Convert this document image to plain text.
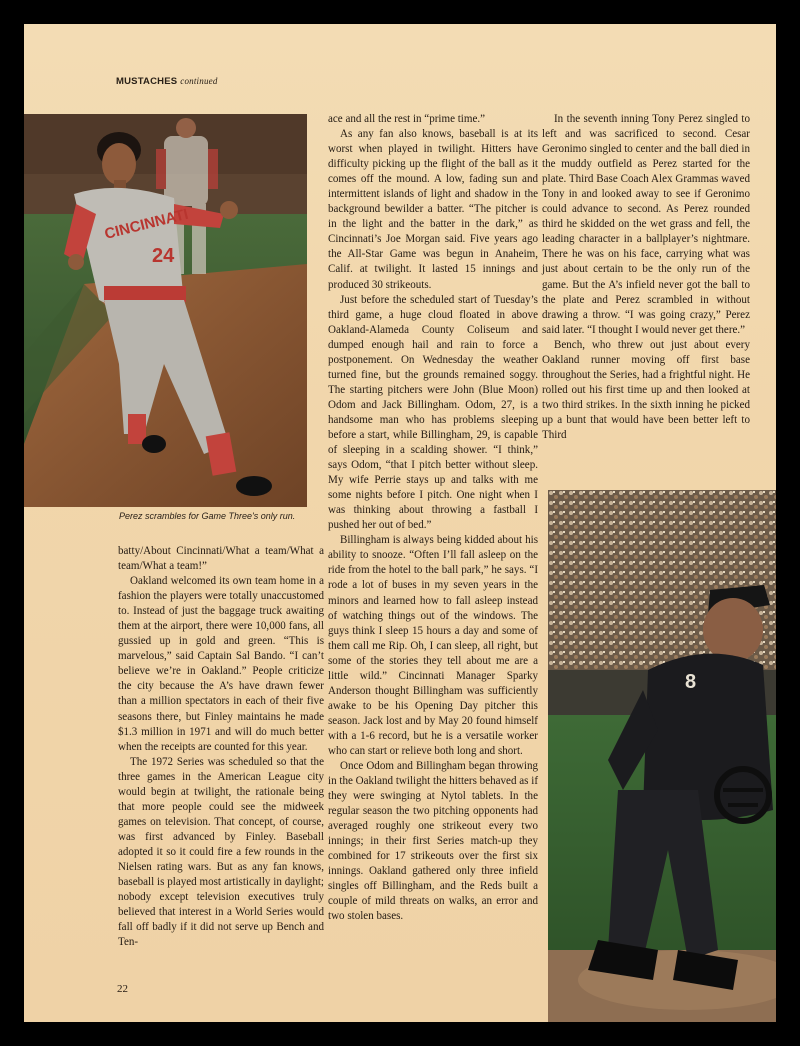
MUSTACHES continued
CINCINNATI
24
Perez scrambles for Game Three's only run.
8

batty/About Cincinnati/What a team/What a team/What a team!”

Oakland welcomed its own team home in a fashion the players were totally unaccustomed to. Instead of just the baggage truck awaiting them at the airport, there were 10,000 fans, all gussied up in gold and green. “This is marvelous,” said Captain Sal Bando. “I can’t believe we’re in Oakland.” People criticize the city because the A’s have drawn fewer than a million spectators in each of their five seasons there, but Finley maintains he made $1.3 million in 1971 and will do much better when the receipts are counted for this year.

The 1972 Series was scheduled so that the three games in the American League city would begin at twilight, the rationale being that more people could see the midweek games on television. That concept, of course, was first advanced by Finley. Baseball adopted it so it could fire a few rounds in the Nielsen rating wars. But as any fan knows, baseball is played most artistically in daylight; nobody except television executives truly believed that interest in a World Series would fall off badly if it did not serve up Bench and Ten-

ace and all the rest in “prime time.”

As any fan also knows, baseball is at its worst when played in twilight. Hitters have difficulty picking up the flight of the ball as it comes off the mound. A low, fading sun and intermittent islands of light and shadow in the background bewilder a batter. “The pitcher is in the light and the batter in the dark,” as Cincinnati’s Joe Morgan said. Five years ago the All-Star Game was begun in Anaheim, Calif. at twilight. It lasted 15 innings and produced 30 strikeouts.

Just before the scheduled start of Tuesday’s third game, a huge cloud floated in above Oakland-Alameda County Coliseum and dumped enough hail and rain to force a postponement. On Wednesday the weather turned fine, but the grounds remained soggy. The starting pitchers were John (Blue Moon) Odom and Jack Billingham. Odom, 27, is a handsome man who has problems sleeping before a start, while Billingham, 29, is capable of sleeping in a scalding shower. “I think,” says Odom, “that I pitch better without sleep. My wife Perrie stays up and talks with me some nights before I pitch. One night when I was thinking about throwing a fastball I pushed her out of bed.”

Billingham is always being kidded about his ability to snooze. “Often I’ll fall asleep on the ride from the hotel to the ball park,” he says. “I rode a lot of buses in my seven years in the minors and learned how to fall asleep instead of watching things out of the windows. The guys think I sleep 15 hours a day and some of them call me Rip. Oh, I can sleep, all right, but some of the stories they tell about me are a little wild.” Cincinnati Manager Sparky Anderson thought Billingham was sufficiently awake to be his Opening Day pitcher this season. Jack lost and by May 20 found himself with a 1-6 record, but he is a versatile worker who can start or relieve both long and short.

Once Odom and Billingham began throwing in the Oakland twilight the hitters behaved as if they were swinging at Nytol tablets. In the regular season the two pitching opponents had averaged roughly one strikeout every two innings; in their first Series match-up they combined for 17 strikeouts over the first six innings. Oakland gathered only three infield singles off Billingham, and the Reds built a couple of mild threats on walks, an error and two stolen bases.

In the seventh inning Tony Perez singled to left and was sacrificed to second. Cesar Geronimo singled to center and the ball died in the muddy outfield as Perez started for the plate. Third Base Coach Alex Grammas waved Tony in and looked away to see if Geronimo could advance to second. As Perez rounded third he skidded on the wet grass and fell, the leading character in a ballplayer’s nightmare. There he was on his face, carrying what was just about certain to be the only run of the game. But the A’s infield never got the ball to the plate and Perez scrambled in without drawing a throw. “I was going crazy,” Perez said later. “I thought I would never get there.”

Bench, who threw out just about every Oakland runner moving off first base throughout the Series, had a frightful night. He rolled out his first time up and then looked at two third strikes. In the sixth inning he picked up a bunt that would have been better left to Third

22
